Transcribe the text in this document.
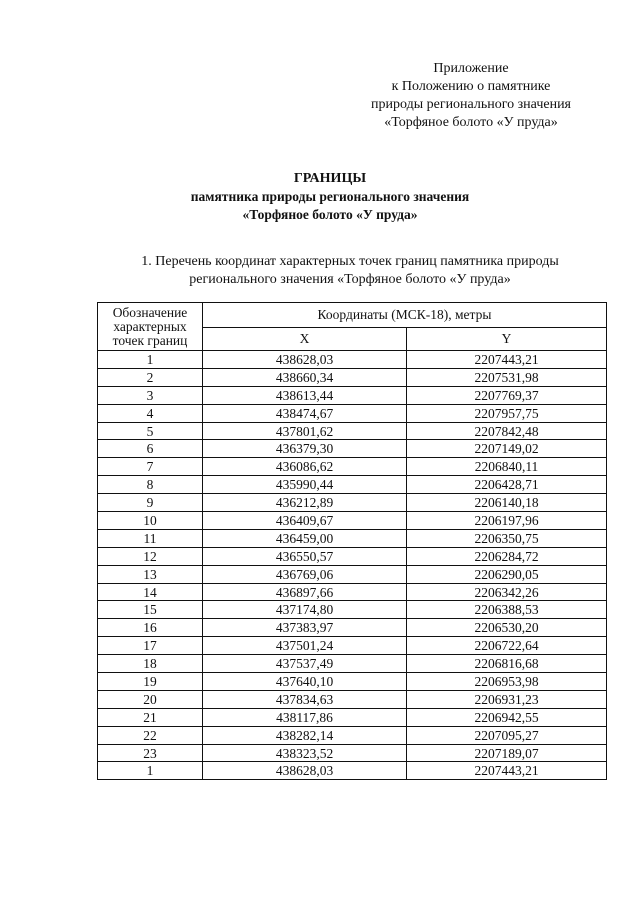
Приложение
к Положению о памятнике
природы регионального значения
«Торфяное болото «У пруда»
ГРАНИЦЫ
памятника природы регионального значения
«Торфяное болото «У пруда»
1. Перечень координат характерных точек границ памятника природы
регионального значения «Торфяное болото «У пруда»
Обозначение характерных точек границ	Координаты (МСК-18), метры	
	X	Y
1	438628,03	2207443,21
2	438660,34	2207531,98
3	438613,44	2207769,37
4	438474,67	2207957,75
5	437801,62	2207842,48
6	436379,30	2207149,02
7	436086,62	2206840,11
8	435990,44	2206428,71
9	436212,89	2206140,18
10	436409,67	2206197,96
11	436459,00	2206350,75
12	436550,57	2206284,72
13	436769,06	2206290,05
14	436897,66	2206342,26
15	437174,80	2206388,53
16	437383,97	2206530,20
17	437501,24	2206722,64
18	437537,49	2206816,68
19	437640,10	2206953,98
20	437834,63	2206931,23
21	438117,86	2206942,55
22	438282,14	2207095,27
23	438323,52	2207189,07
1	438628,03	2207443,21
